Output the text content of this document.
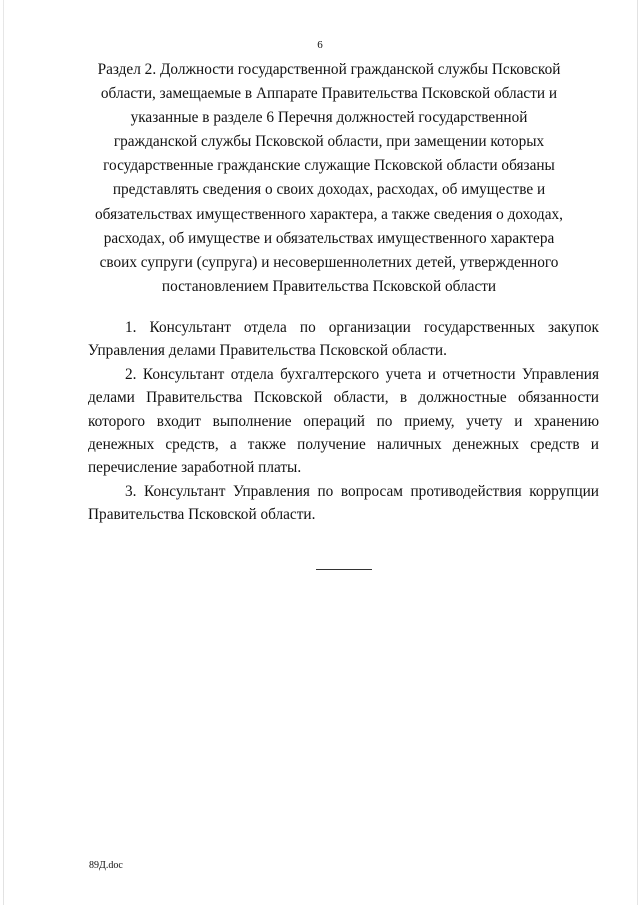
6
Раздел 2. Должности государственной гражданской службы Псковской
области, замещаемые в Аппарате Правительства Псковской области и
указанные в разделе 6 Перечня должностей государственной
гражданской службы Псковской области, при замещении которых
государственные гражданские служащие Псковской области обязаны
представлять сведения о своих доходах, расходах, об имуществе и
обязательствах имущественного характера, а также сведения о доходах,
расходах, об имуществе и обязательствах имущественного характера
своих супруги (супруга) и несовершеннолетних детей, утвержденного
постановлением Правительства Псковской области

1. Консультант отдела по организации государственных закупок Управления делами Правительства Псковской области.

2. Консультант отдела бухгалтерского учета и отчетности Управления делами Правительства Псковской области, в должностные обязанности которого входит выполнение операций по приему, учету и хранению денежных средств, а также получение наличных денежных средств и перечисление заработной платы.

3. Консультант Управления по вопросам противодействия коррупции Правительства Псковской области.

89Д.doc
